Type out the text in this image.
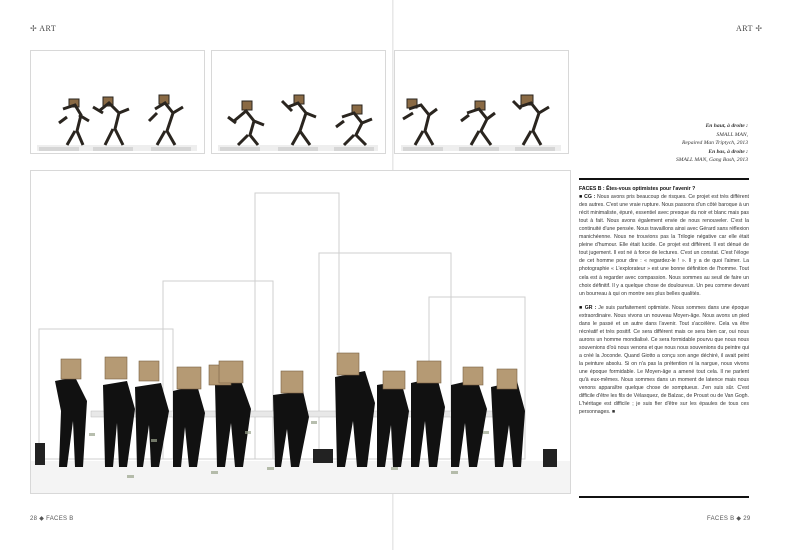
✢ ART	ART ✢
En haut, à droite :
SMALL MAN,
Repaired Man Triptych, 2013
En bas, à droite :
SMALL MAN, Gang Bash, 2013
FACES B : Êtes-vous optimistes pour l'avenir ?

■ CG : Nous avons pris beaucoup de risques. Ce projet est très différent des autres. C'est une vraie rupture. Nous passons d'un côté baroque à un récit minimaliste, épuré, essentiel avec presque du noir et blanc mais pas tout à fait. Nous avons également envie de nous renouveler. C'est la continuité d'une pensée. Nous travaillons ainsi avec Gérard sans réflexion manichéenne. Nous ne trouvions pas la Trilogie négative car elle était pleine d'humour. Elle était lucide. Ce projet est différent. Il est dénué de tout jugement. Il est né à force de lectures. C'est un constat. C'est l'éloge de cet homme pour dire : « regardez-le ! ». Il y a de quoi l'aimer. La photographie « L'explorateur » est une bonne définition de l'homme. Tout cela est à regarder avec compassion. Nous sommes au seuil de faire un choix définitif. Il y a quelque chose de douloureux. Un peu comme devant un bourreau à qui on montre ses plus belles qualités.

■ GR : Je suis parfaitement optimiste. Nous sommes dans une époque extraordinaire. Nous vivons un nouveau Moyen-âge. Nous avons un pied dans le passé et un autre dans l'avenir. Tout s'accélère. Cela va être récréatif et très positif. Ce sera différent mais ce sera bien car, oui nous aurons un homme mondialisé. Ce sera formidable pourvu que nous nous souvenions d'où nous venons et que nous nous souvenions du peintre qui a créé la Joconde. Quand Giotto a conçu son ange déchiré, il avait peint la peinture absolu. Si on n'a pas la prétention ni la nargue, nous vivons une époque formidable. Le Moyen-âge a amené tout cela. Il ne parlent qu'à eux-mêmes. Nous sommes dans un moment de latence mais nous venons apparaître quelque chose de somptueux. J'en suis sûr. C'est difficile d'être les fils de Vélasquez, de Balzac, de Proust ou de Van Gogh. L'héritage est difficile ; je suis fier d'être sur les épaules de tous ces personnages. ■

28 ◆ FACES B	FACES B ◆ 29
